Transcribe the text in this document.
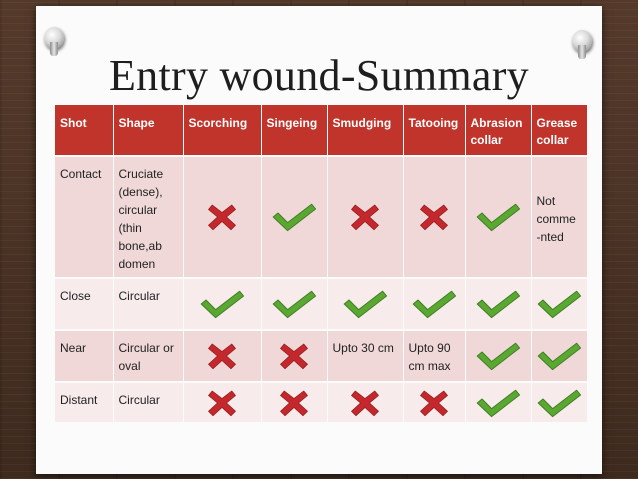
Entry wound-Summary
Shot	Shape	Scorching	Singeing	Smudging	Tatooing	Abrasion collar	Grease collar
Contact	Cruciate (dense), circular (thin bone,ab domen						Not comme -nted
Close	Circular	

Near	Circular or oval			Upto 30 cm	Upto 90 cm max	

Distant	Circular	
